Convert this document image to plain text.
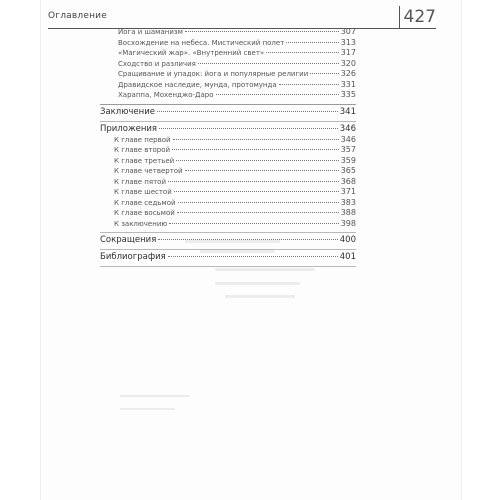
Оглавление	427
Йога и шаманизм	307
Восхождение на небеса. Мистический полет	313
«Магический жар». «Внутренний свет»	317
Сходство и различия	320
Сращивание и упадок: йога и популярные религии	326
Дравидское наследие, мунда, протомунда	331
Хараппа, Мохенджо-Даро	335
Заключение	341
Приложения	346
К главе первой	346
К главе второй	357
К главе третьей	359
К главе четвертой	365
К главе пятой	368
К главе шестой	371
К главе седьмой	383
К главе восьмой	388
К заключению	398
Сокращения	400
Библиография	401
